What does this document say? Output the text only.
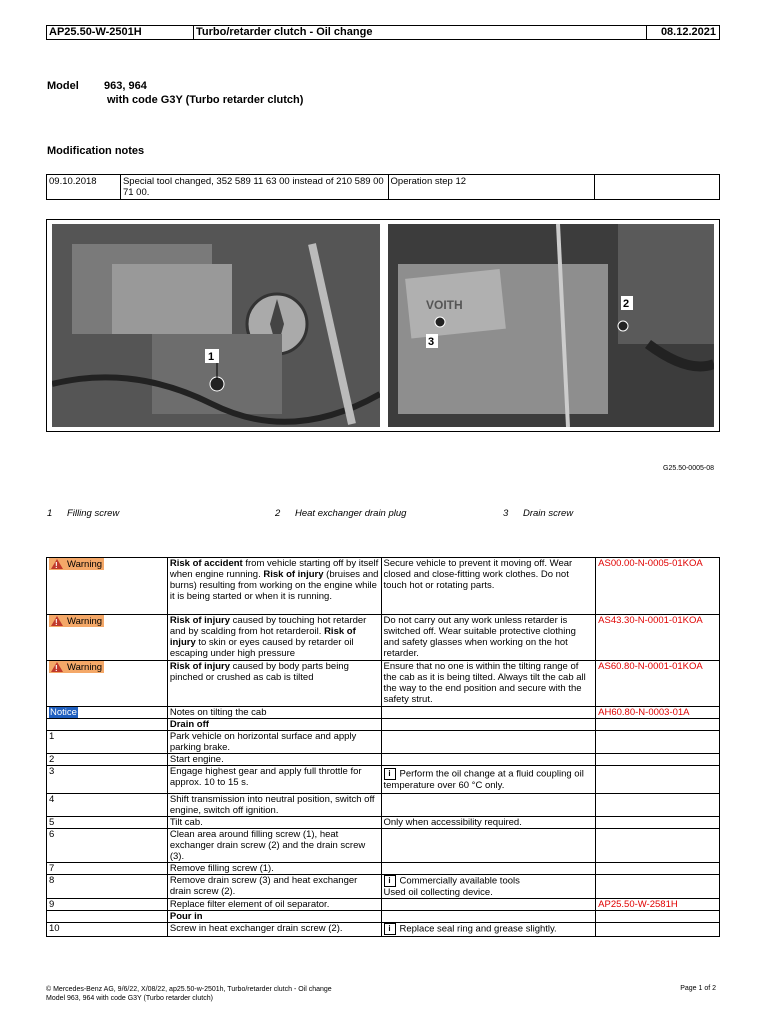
AP25.50-W-2501H	Turbo/retarder clutch - Oil change	08.12.2021
Model 963, 964
with code G3Y (Turbo retarder clutch)
Modification notes
09.10.2018	Special tool changed, 352 589 11 63 00 instead of 210 589 00 71 00.	Operation step 12	
1
VOITH	2
3
G25.50-0005-08
1	Filling screw	2	Heat exchanger drain plug	3	Drain screw
!
Warning	Risk of accident from vehicle starting off by itself when engine running. Risk of injury (bruises and burns) resulting from working on the engine while it is being started or when it is running.	Secure vehicle to prevent it moving off. Wear closed and close-fitting work clothes. Do not touch hot or rotating parts.	AS00.00-N-0005-01KOA

!
Warning	Risk of injury caused by touching hot retarder and by scalding from hot retarderoil. Risk of injury to skin or eyes caused by retarder oil escaping under high pressure	Do not carry out any work unless retarder is switched off. Wear suitable protective clothing and safety glasses when working on the hot retarder.	AS43.30-N-0001-01KOA

!
Warning	Risk of injury caused by body parts being pinched or crushed as cab is tilted	Ensure that no one is within the tilting range of the cab as it is being tilted. Always tilt the cab all the way to the end position and secure with the safety strut.	AS60.80-N-0001-01KOA
Notice	Notes on tilting the cab		AH60.80-N-0003-01A
	Drain off		
1	Park vehicle on horizontal surface and apply parking brake.		
2	Start engine.		
3	Engage highest gear and apply full throttle for approx. 10 to 15 s.	i Perform the oil change at a fluid coupling oil temperature over 60 °C only.	
4	Shift transmission into neutral position, switch off engine, switch off ignition.		
5	Tilt cab.	Only when accessibility required.	
6	Clean area around filling screw (1), heat exchanger drain screw (2) and the drain screw (3).		
7	Remove filling screw (1).		
8	Remove drain screw (3) and heat exchanger drain screw (2).	i Commercially available tools
Used oil collecting device.	
9	Replace filter element of oil separator.		AP25.50-W-2581H
	Pour in		
10	Screw in heat exchanger drain screw (2).	i Replace seal ring and grease slightly.	
© Mercedes-Benz AG, 9/6/22, X/08/22, ap25.50-w-2501h, Turbo/retarder clutch - Oil change
Model 963, 964 with code G3Y (Turbo retarder clutch)
Page 1 of 2
